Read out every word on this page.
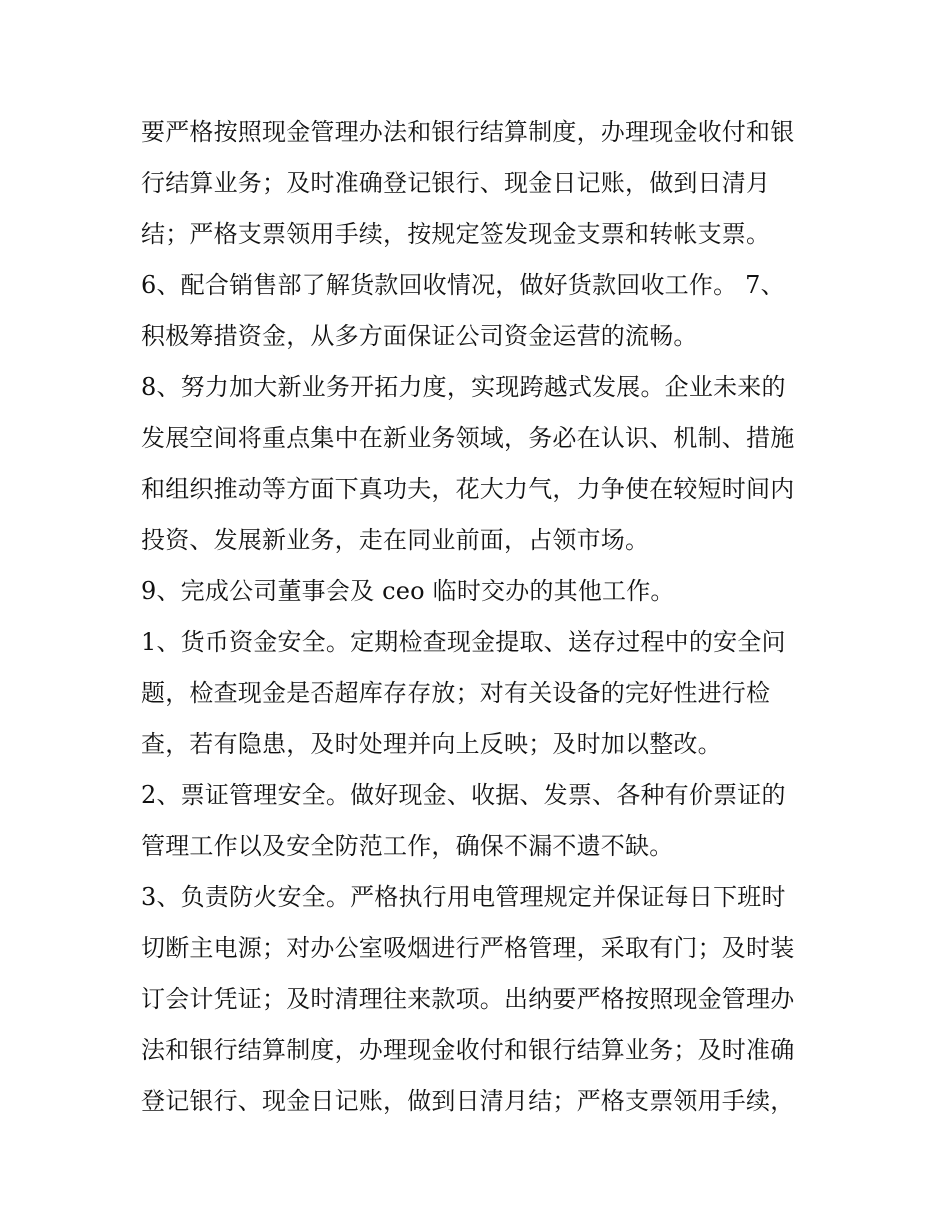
要严格按照现金管理办法和银行结算制度，办理现金收付和银
行结算业务；及时准确登记银行、现金日记账，做到日清月
结；严格支票领用手续，按规定签发现金支票和转帐支票。
6、配合销售部了解货款回收情况，做好货款回收工作。 7、
积极筹措资金，从多方面保证公司资金运营的流畅。
8、努力加大新业务开拓力度，实现跨越式发展。企业未来的
发展空间将重点集中在新业务领域，务必在认识、机制、措施
和组织推动等方面下真功夫，花大力气，力争使在较短时间内
投资、发展新业务，走在同业前面，占领市场。
9、完成公司董事会及 ceo 临时交办的其他工作。
1、货币资金安全。定期检查现金提取、送存过程中的安全问
题，检查现金是否超库存存放；对有关设备的完好性进行检
查，若有隐患，及时处理并向上反映；及时加以整改。
2、票证管理安全。做好现金、收据、发票、各种有价票证的
管理工作以及安全防范工作，确保不漏不遗不缺。
3、负责防火安全。严格执行用电管理规定并保证每日下班时
切断主电源；对办公室吸烟进行严格管理，采取有门；及时装
订会计凭证；及时清理往来款项。出纳要严格按照现金管理办
法和银行结算制度，办理现金收付和银行结算业务；及时准确
登记银行、现金日记账，做到日清月结；严格支票领用手续，
